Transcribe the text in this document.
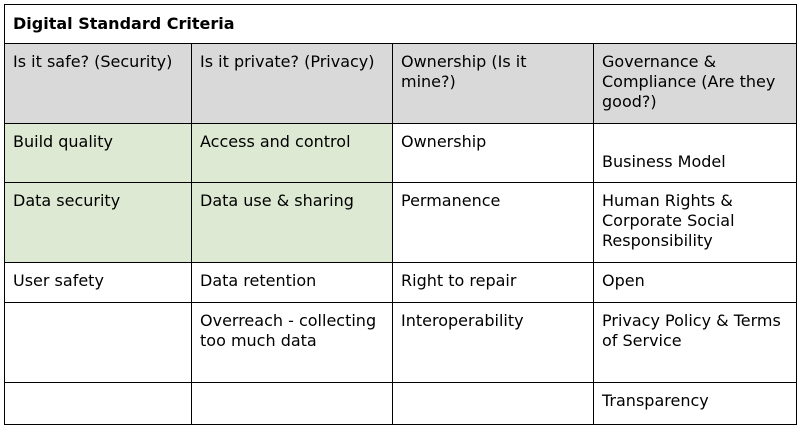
Digital Standard Criteria			
Is it safe? (Security)	Is it private? (Privacy)	Ownership (Is it mine?)	Governance & Compliance (Are they good?)
Build quality	Access and control	Ownership	Business Model
Data security	Data use & sharing	Permanence	Human Rights & Corporate Social Responsibility
User safety	Data retention	Right to repair	Open
	Overreach - collecting too much data	Interoperability	Privacy Policy & Terms of Service
			Transparency
